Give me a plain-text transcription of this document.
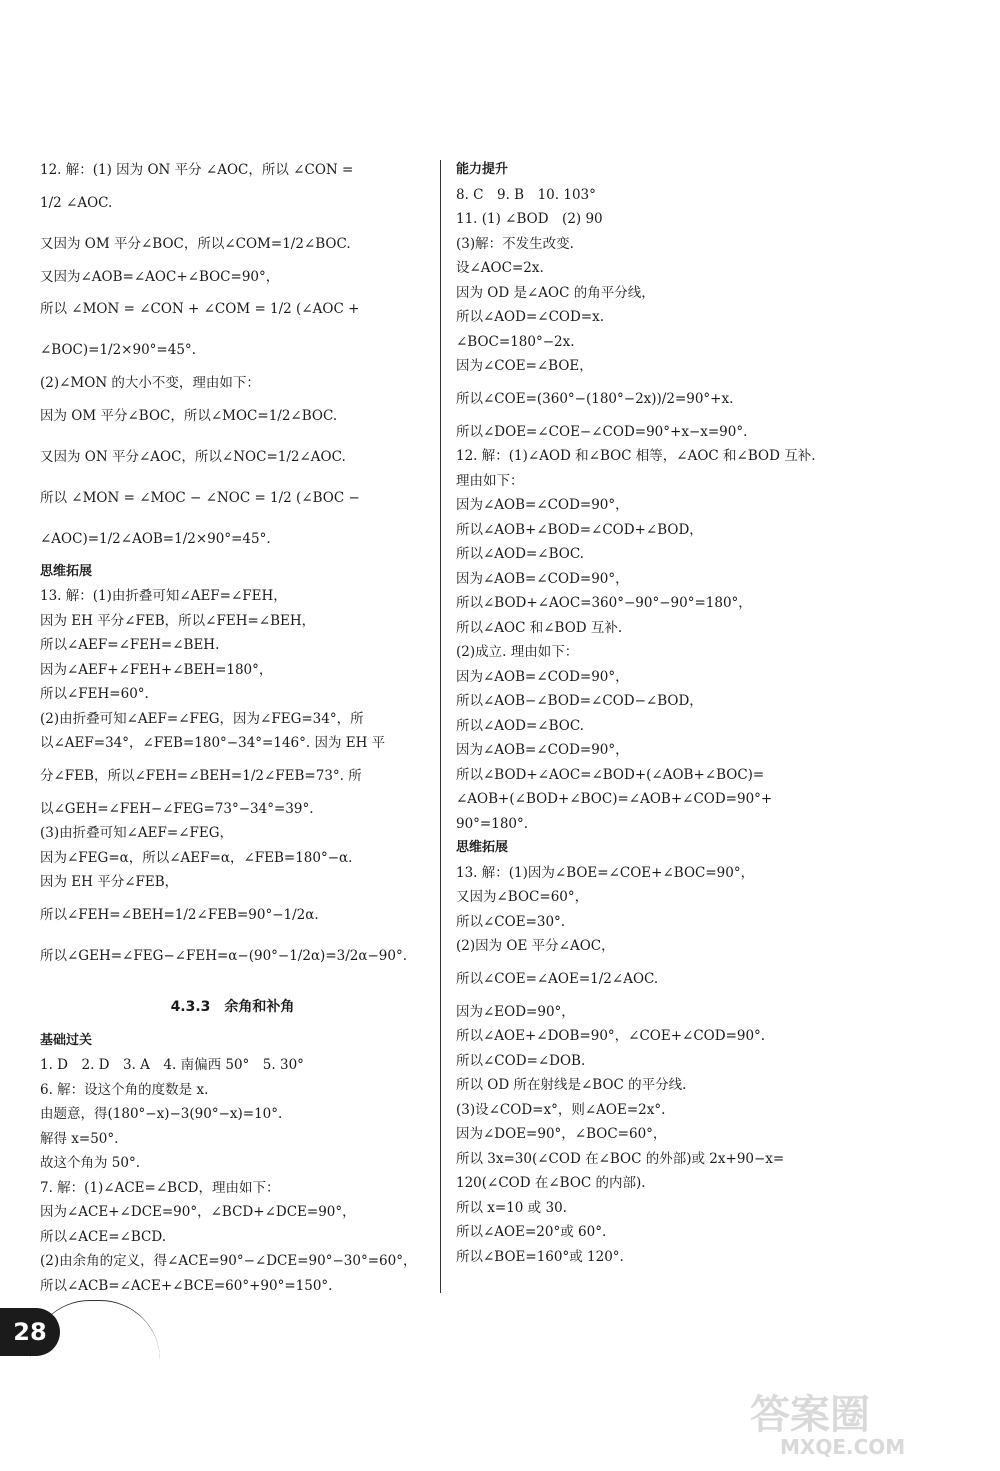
12. 解：(1) 因为 ON 平分 ∠AOC，所以 ∠CON =
1/2 ∠AOC.
又因为 OM 平分∠BOC，所以∠COM=1/2∠BOC.
又因为∠AOB=∠AOC+∠BOC=90°，
所以 ∠MON = ∠CON + ∠COM = 1/2 (∠AOC +
∠BOC)=1/2×90°=45°.
(2)∠MON 的大小不变，理由如下：
因为 OM 平分∠BOC，所以∠MOC=1/2∠BOC.
又因为 ON 平分∠AOC，所以∠NOC=1/2∠AOC.
所以 ∠MON = ∠MOC − ∠NOC = 1/2 (∠BOC −
∠AOC)=1/2∠AOB=1/2×90°=45°.
思维拓展
13. 解：(1)由折叠可知∠AEF=∠FEH，
因为 EH 平分∠FEB，所以∠FEH=∠BEH，
所以∠AEF=∠FEH=∠BEH.
因为∠AEF+∠FEH+∠BEH=180°，
所以∠FEH=60°.
(2)由折叠可知∠AEF=∠FEG，因为∠FEG=34°，所
以∠AEF=34°，∠FEB=180°−34°=146°. 因为 EH 平
分∠FEB，所以∠FEH=∠BEH=1/2∠FEB=73°. 所
以∠GEH=∠FEH−∠FEG=73°−34°=39°.
(3)由折叠可知∠AEF=∠FEG，
因为∠FEG=α，所以∠AEF=α，∠FEB=180°−α.
因为 EH 平分∠FEB，
所以∠FEH=∠BEH=1/2∠FEB=90°−1/2α.
所以∠GEH=∠FEG−∠FEH=α−(90°−1/2α)=3/2α−90°.
4.3.3　余角和补角
基础过关
1. D　2. D　3. A　4. 南偏西 50°　5. 30°
6. 解：设这个角的度数是 x.
由题意，得(180°−x)−3(90°−x)=10°.
解得 x=50°.
故这个角为 50°.
7. 解：(1)∠ACE=∠BCD，理由如下：
因为∠ACE+∠DCE=90°，∠BCD+∠DCE=90°，
所以∠ACE=∠BCD.
(2)由余角的定义，得∠ACE=90°−∠DCE=90°−30°=60°，
所以∠ACB=∠ACE+∠BCE=60°+90°=150°.
能力提升
8. C　9. B　10. 103°
11. (1) ∠BOD　(2) 90
(3)解：不发生改变.
设∠AOC=2x.
因为 OD 是∠AOC 的角平分线，
所以∠AOD=∠COD=x.
∠BOC=180°−2x.
因为∠COE=∠BOE，
所以∠COE=(360°−(180°−2x))/2=90°+x.
所以∠DOE=∠COE−∠COD=90°+x−x=90°.
12. 解：(1)∠AOD 和∠BOC 相等，∠AOC 和∠BOD 互补.
理由如下：
因为∠AOB=∠COD=90°，
所以∠AOB+∠BOD=∠COD+∠BOD，
所以∠AOD=∠BOC.
因为∠AOB=∠COD=90°，
所以∠BOD+∠AOC=360°−90°−90°=180°，
所以∠AOC 和∠BOD 互补.
(2)成立. 理由如下：
因为∠AOB=∠COD=90°，
所以∠AOB−∠BOD=∠COD−∠BOD，
所以∠AOD=∠BOC.
因为∠AOB=∠COD=90°，
所以∠BOD+∠AOC=∠BOD+(∠AOB+∠BOC)=
∠AOB+(∠BOD+∠BOC)=∠AOB+∠COD=90°+
90°=180°.
思维拓展
13. 解：(1)因为∠BOE=∠COE+∠BOC=90°，
又因为∠BOC=60°，
所以∠COE=30°.
(2)因为 OE 平分∠AOC，
所以∠COE=∠AOE=1/2∠AOC.
因为∠EOD=90°，
所以∠AOE+∠DOB=90°，∠COE+∠COD=90°.
所以∠COD=∠DOB.
所以 OD 所在射线是∠BOC 的平分线.
(3)设∠COD=x°，则∠AOE=2x°.
因为∠DOE=90°，∠BOC=60°，
所以 3x=30(∠COD 在∠BOC 的外部)或 2x+90−x=
120(∠COD 在∠BOC 的内部).
所以 x=10 或 30.
所以∠AOE=20°或 60°.
所以∠BOE=160°或 120°.
28
答案圈
MXQE.COM
